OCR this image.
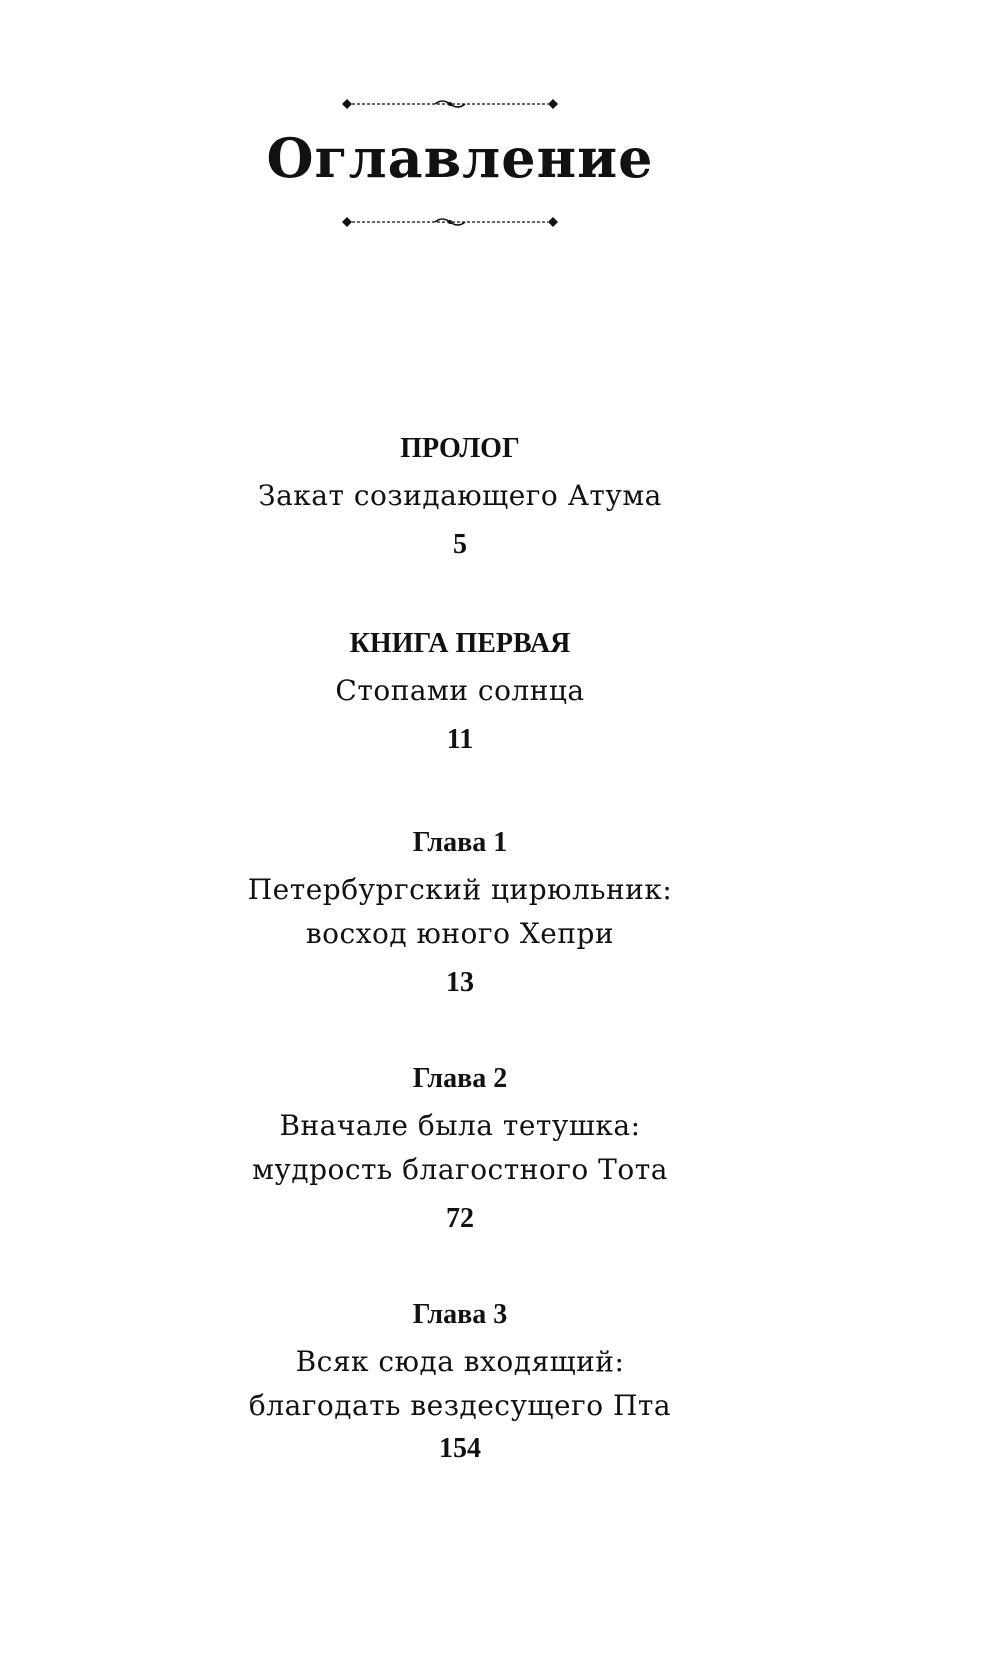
Оглавление

ПРОЛОГ

Закат созидающего Атума

5

КНИГА ПЕРВАЯ

Стопами солнца

11

Глава 1

Петербургский цирюльник:

восход юного Хепри

13

Глава 2

Вначале была тетушка:

мудрость благостного Тота

72

Глава 3

Всяк сюда входящий:

благодать вездесущего Пта

154
